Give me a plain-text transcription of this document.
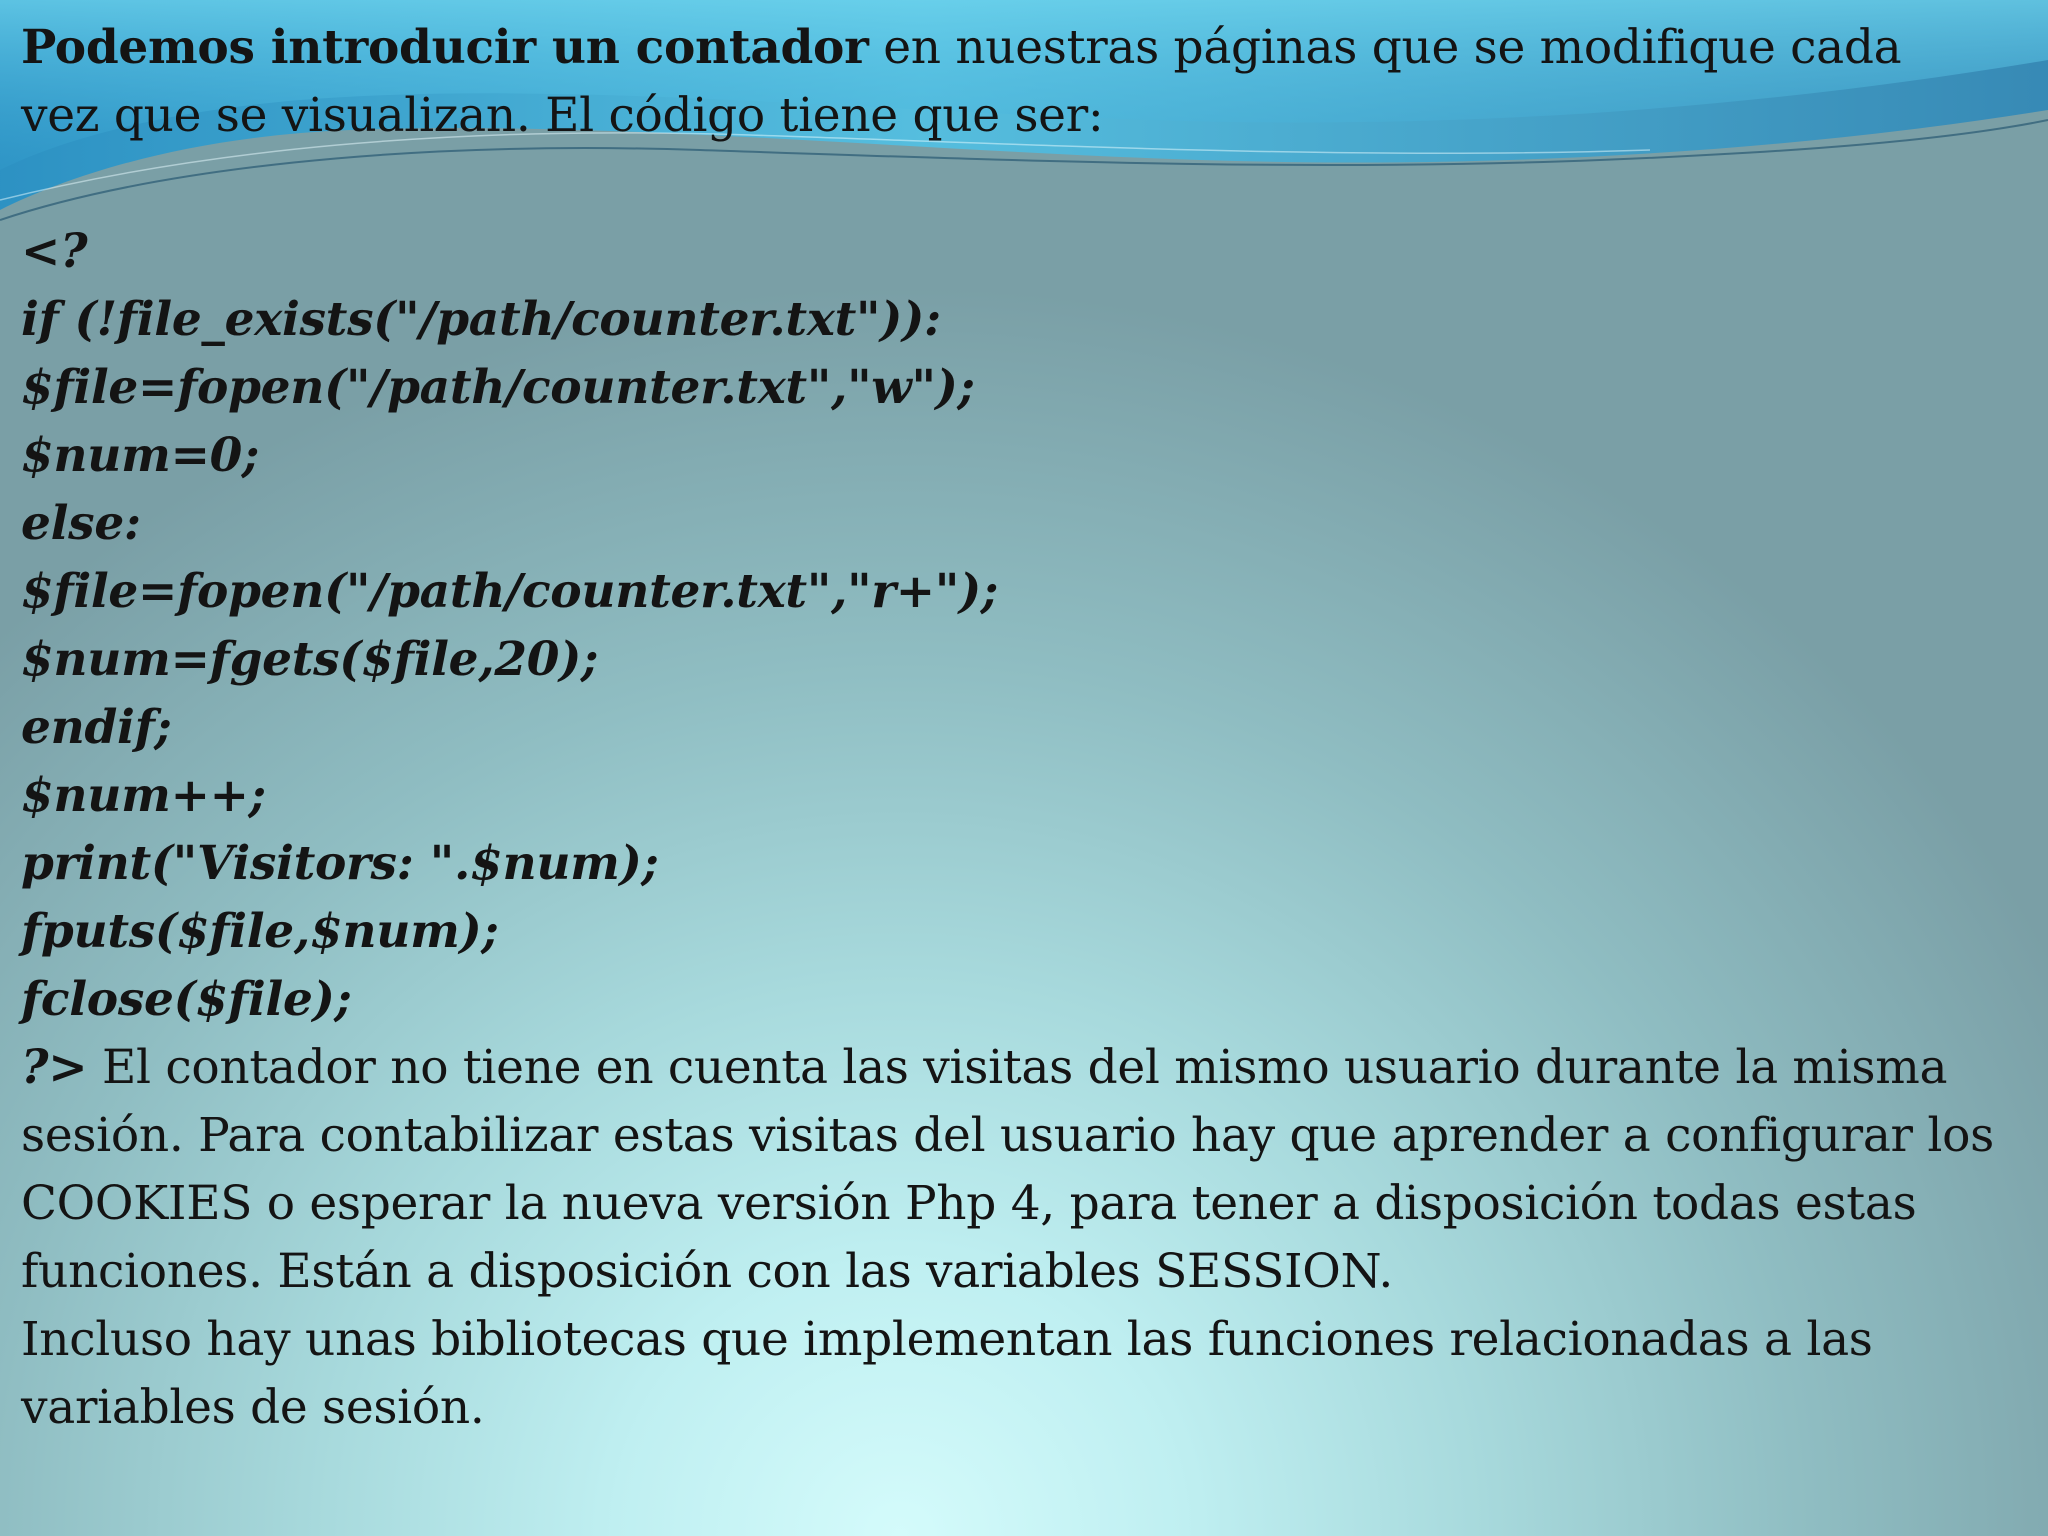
Podemos introducir un contador en nuestras páginas que se modifique cada
vez que se visualizan. El código tiene que ser:
<?
if (!file_exists("/path/counter.txt")):
$file=fopen("/path/counter.txt","w");
$num=0;
else:
$file=fopen("/path/counter.txt","r+");
$num=fgets($file,20);
endif;
$num++;
print("Visitors: ".$num);
fputs($file,$num);
fclose($file);
?> El contador no tiene en cuenta las visitas del mismo usuario durante la misma
sesión. Para contabilizar estas visitas del usuario hay que aprender a configurar los
COOKIES o esperar la nueva versión Php 4, para tener a disposición todas estas
funciones. Están a disposición con las variables SESSION.
Incluso hay unas bibliotecas que implementan las funciones relacionadas a las
variables de sesión.
